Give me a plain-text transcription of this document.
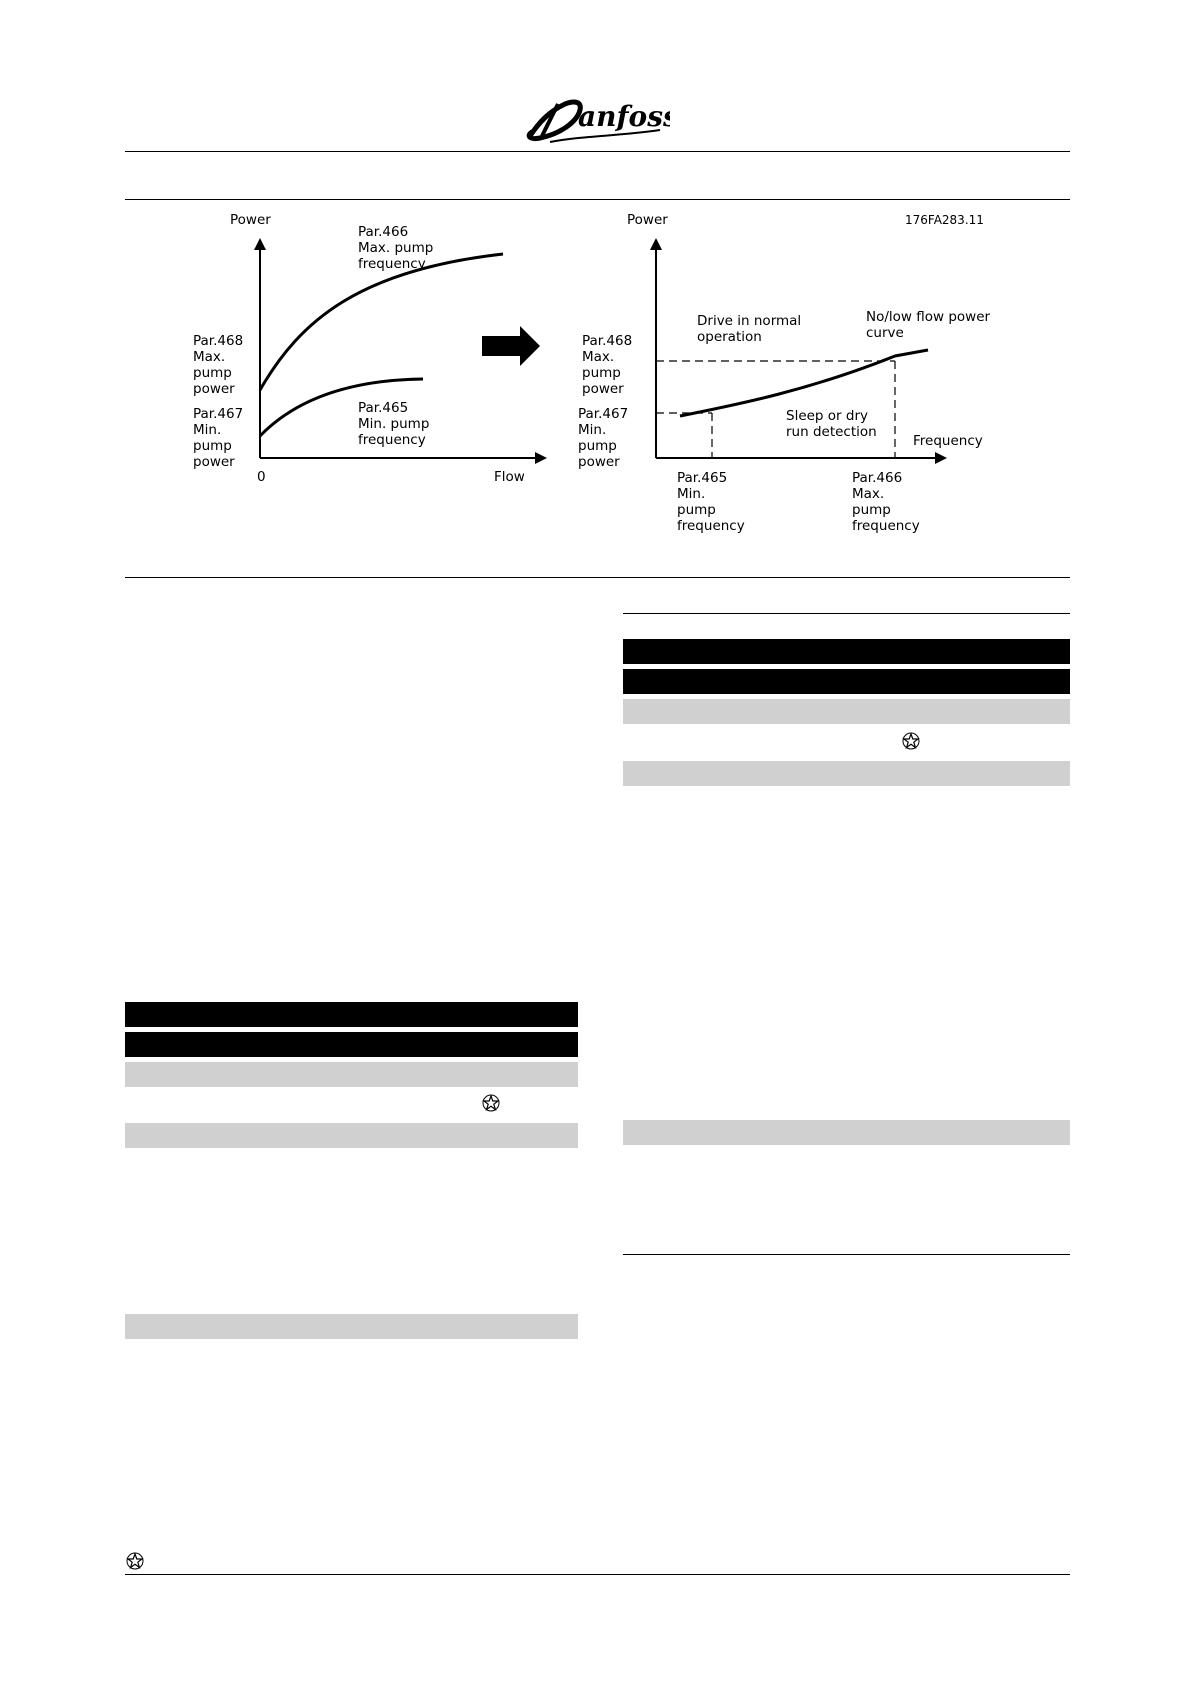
anfoss
176FA283.11
Power
Flow
0
Par.466 Max. pump frequency
Par.465 Min. pump frequency
Par.468 Max. pump power
Par.467 Min. pump power
Power
Frequency
Drive in normal operation
No/low flow power curve
Sleep or dry run detection
Par.468 Max. pump power
Par.467 Min. pump power
Par.465 Min. pump frequency
Par.466 Max. pump frequency
